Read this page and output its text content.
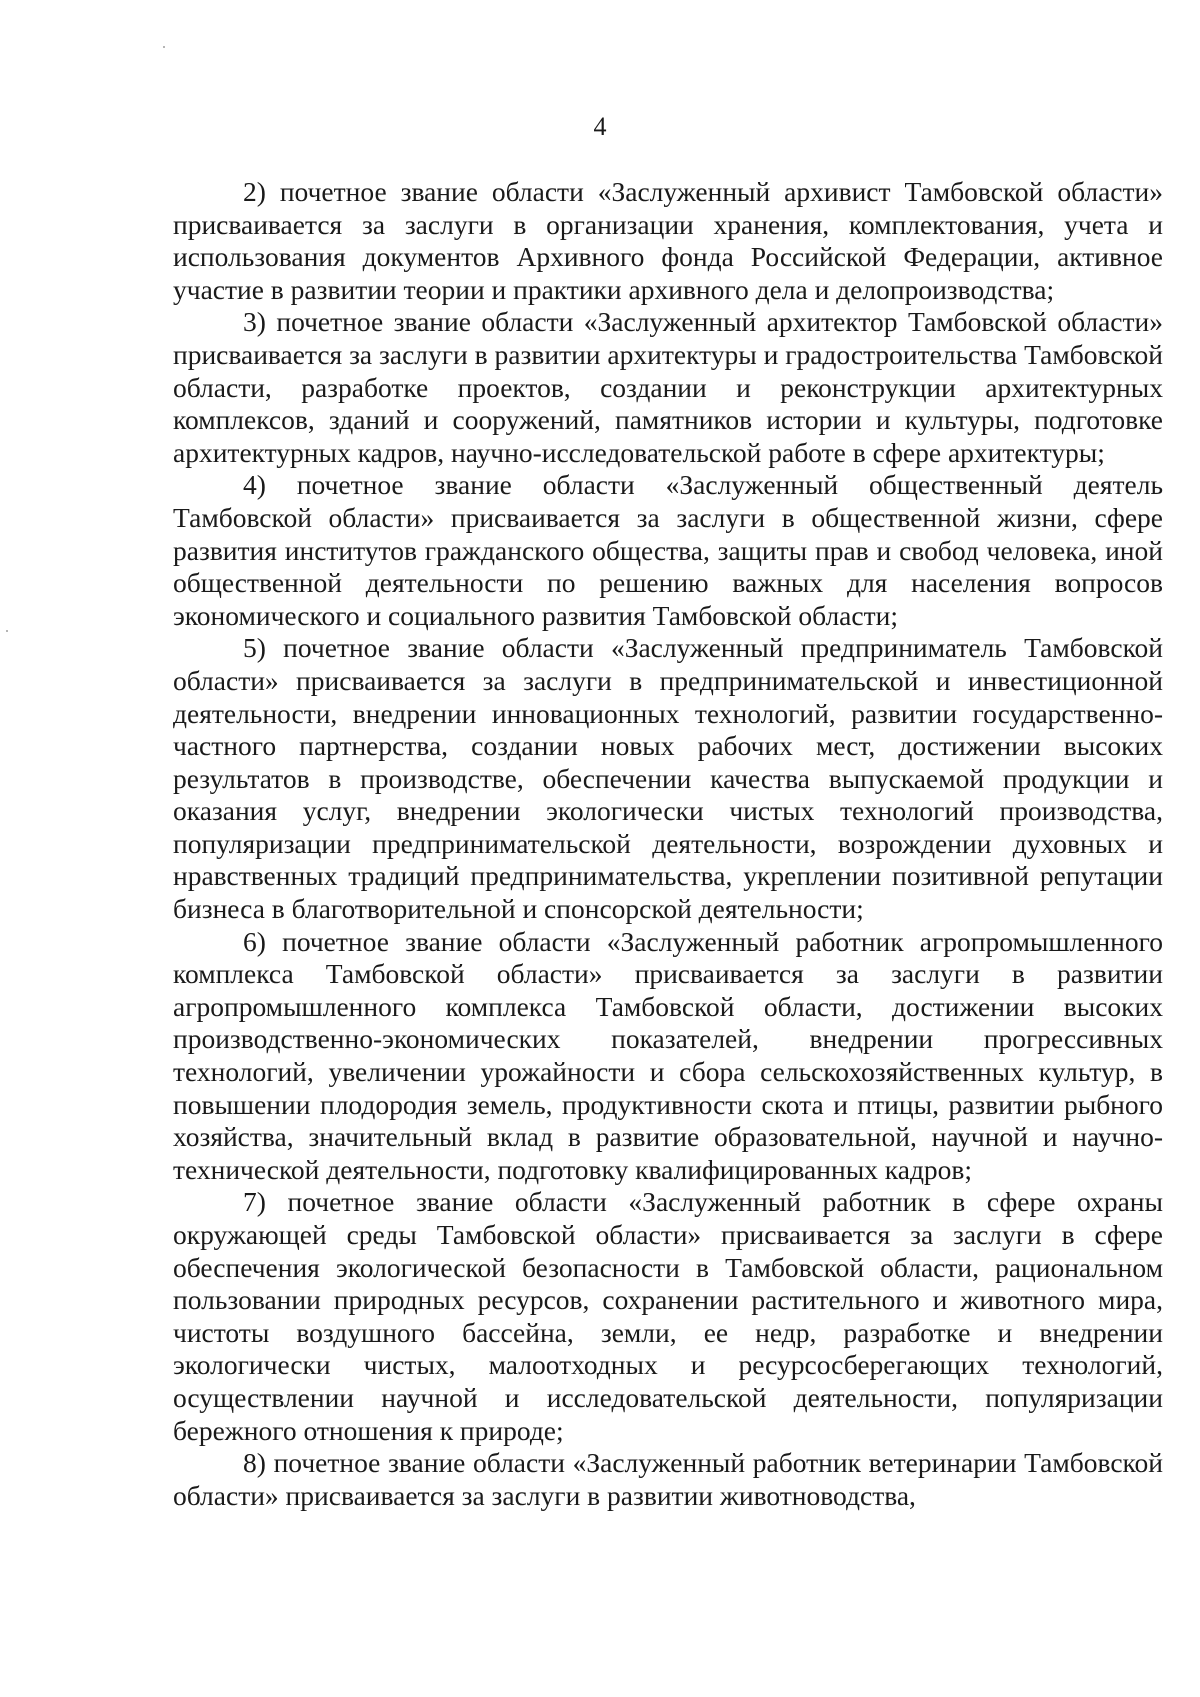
4

2) почетное звание области «Заслуженный архивист Тамбовской области» присваивается за заслуги в организации хранения, комплектования, учета и использования документов Архивного фонда Российской Федерации, активное участие в развитии теории и практики архивного дела и делопроизводства;

3) почетное звание области «Заслуженный архитектор Тамбовской области» присваивается за заслуги в развитии архитектуры и градостроительства Тамбовской области, разработке проектов, создании и реконструкции архитектурных комплексов, зданий и сооружений, памятников истории и культуры, подготовке архитектурных кадров, научно-исследовательской работе в сфере архитектуры;

4) почетное звание области «Заслуженный общественный деятель Тамбовской области» присваивается за заслуги в общественной жизни, сфере развития институтов гражданского общества, защиты прав и свобод человека, иной общественной деятельности по решению важных для населения вопросов экономического и социального развития Тамбовской области;

5) почетное звание области «Заслуженный предприниматель Тамбовской области» присваивается за заслуги в предпринимательской и инвестиционной деятельности, внедрении инновационных технологий, развитии государственно-частного партнерства, создании новых рабочих мест, достижении высоких результатов в производстве, обеспечении качества выпускаемой продукции и оказания услуг, внедрении экологически чистых технологий производства, популяризации предпринимательской деятельности, возрождении духовных и нравственных традиций предпринимательства, укреплении позитивной репутации бизнеса в благотворительной и спонсорской деятельности;

6) почетное звание области «Заслуженный работник агропромышленного комплекса Тамбовской области» присваивается за заслуги в развитии агропромышленного комплекса Тамбовской области, достижении высоких производственно-экономических показателей, внедрении прогрессивных технологий, увеличении урожайности и сбора сельскохозяйственных культур, в повышении плодородия земель, продуктивности скота и птицы, развитии рыбного хозяйства, значительный вклад в развитие образовательной, научной и научно-технической деятельности, подготовку квалифицированных кадров;

7) почетное звание области «Заслуженный работник в сфере охраны окружающей среды Тамбовской области» присваивается за заслуги в сфере обеспечения экологической безопасности в Тамбовской области, рациональном пользовании природных ресурсов, сохранении растительного и животного мира, чистоты воздушного бассейна, земли, ее недр, разработке и внедрении экологически чистых, малоотходных и ресурсосберегающих технологий, осуществлении научной и исследовательской деятельности, популяризации бережного отношения к природе;

8) почетное звание области «Заслуженный работник ветеринарии Тамбовской области» присваивается за заслуги в развитии животноводства,
